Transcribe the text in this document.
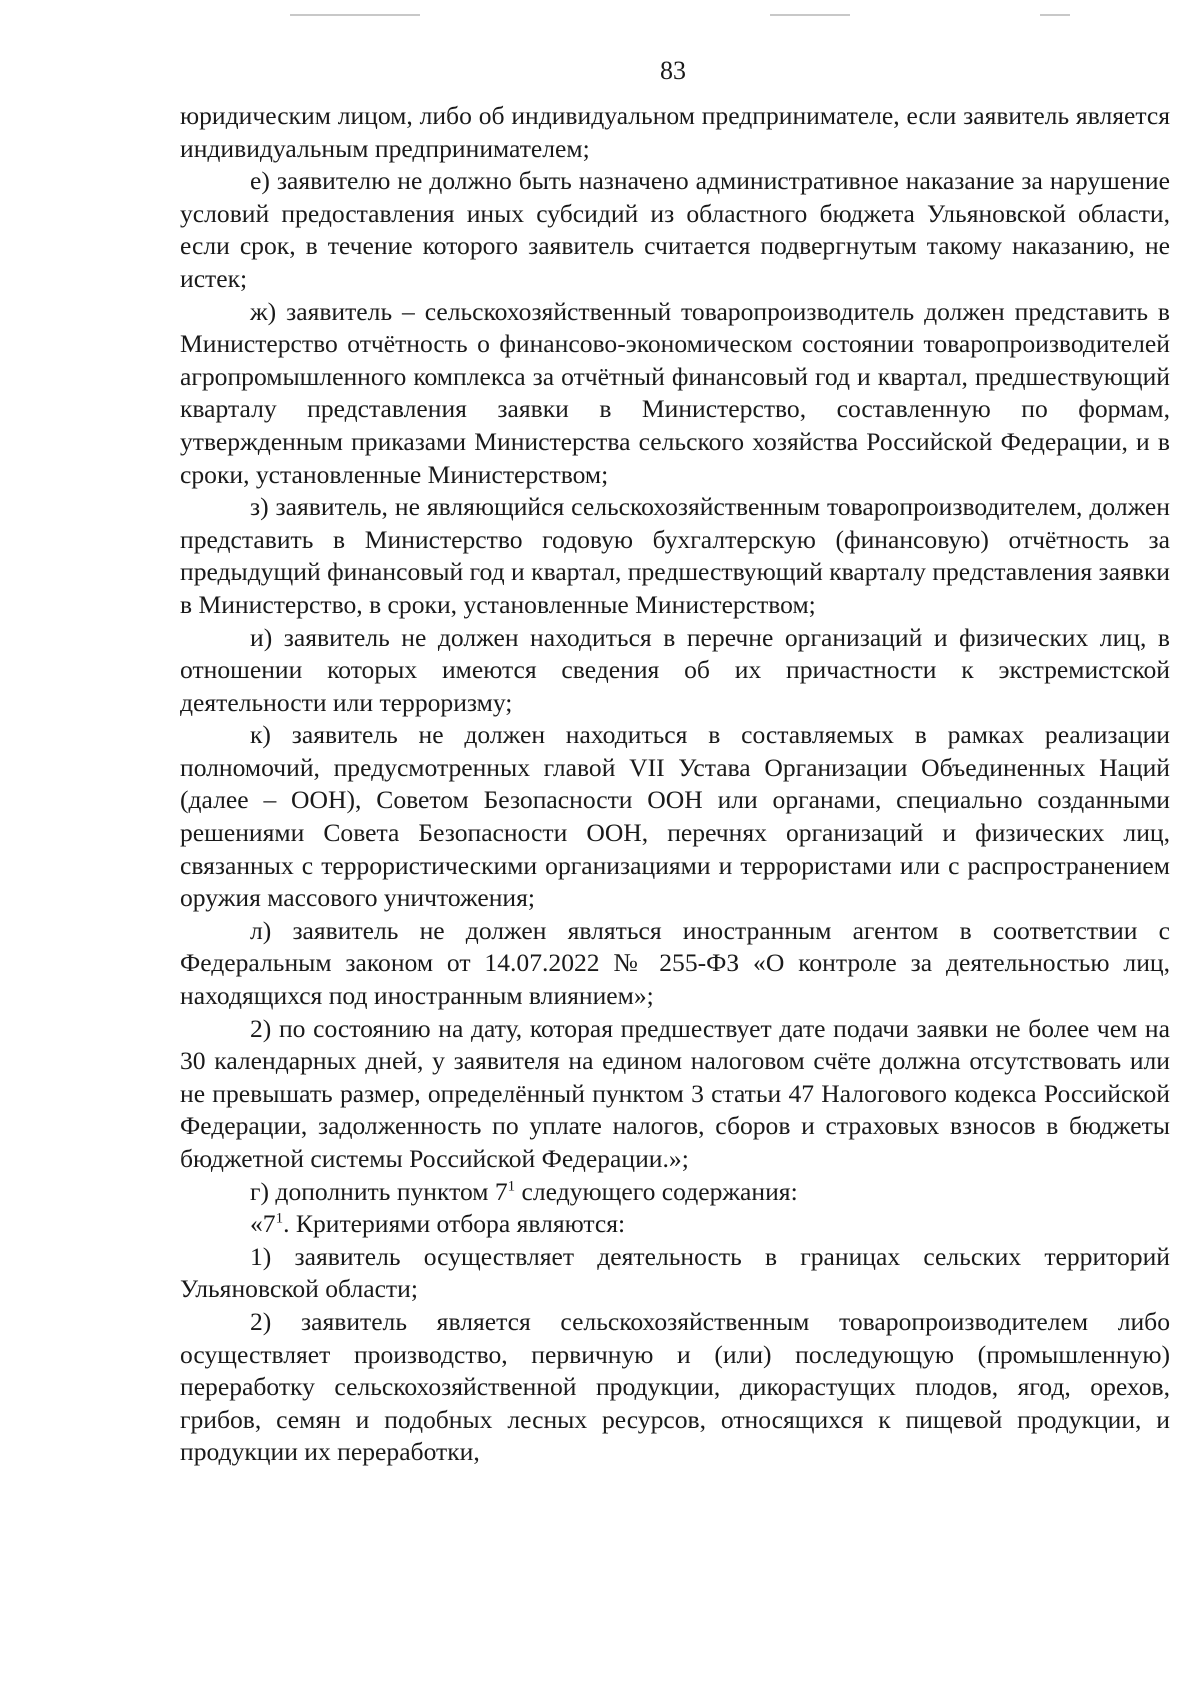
83

юридическим лицом, либо об индивидуальном предпринимателе, если заявитель является индивидуальным предпринимателем;

е) заявителю не должно быть назначено административное наказание за нарушение условий предоставления иных субсидий из областного бюджета Ульяновской области, если срок, в течение которого заявитель считается подвергнутым такому наказанию, не истек;

ж) заявитель – сельскохозяйственный товаропроизводитель должен представить в Министерство отчётность о финансово-экономическом состоянии товаропроизводителей агропромышленного комплекса за отчётный финансовый год и квартал, предшествующий кварталу представления заявки в Министерство, составленную по формам, утвержденным приказами Министерства сельского хозяйства Российской Федерации, и в сроки, установленные Министерством;

з) заявитель, не являющийся сельскохозяйственным товаропроизводителем, должен представить в Министерство годовую бухгалтерскую (финансовую) отчётность за предыдущий финансовый год и квартал, предшествующий кварталу представления заявки в Министерство, в сроки, установленные Министерством;

и) заявитель не должен находиться в перечне организаций и физических лиц, в отношении которых имеются сведения об их причастности к экстремистской деятельности или терроризму;

к) заявитель не должен находиться в составляемых в рамках реализации полномочий, предусмотренных главой VII Устава Организации Объединенных Наций (далее – ООН), Советом Безопасности ООН или органами, специально созданными решениями Совета Безопасности ООН, перечнях организаций и физических лиц, связанных с террористическими организациями и террористами или с распространением оружия массового уничтожения;

л) заявитель не должен являться иностранным агентом в соответствии с Федеральным законом от 14.07.2022 № 255-ФЗ «О контроле за деятельностью лиц, находящихся под иностранным влиянием»;

2) по состоянию на дату, которая предшествует дате подачи заявки не более чем на 30 календарных дней, у заявителя на едином налоговом счёте должна отсутствовать или не превышать размер, определённый пунктом 3 статьи 47 Налогового кодекса Российской Федерации, задолженность по уплате налогов, сборов и страховых взносов в бюджеты бюджетной системы Российской Федерации.»;

г) дополнить пунктом $7^1$ следующего содержания:

«$7^1$. Критериями отбора являются:

1) заявитель осуществляет деятельность в границах сельских территорий Ульяновской области;

2) заявитель является сельскохозяйственным товаропроизводителем либо осуществляет производство, первичную и (или) последующую (промышленную) переработку сельскохозяйственной продукции, дикорастущих плодов, ягод, орехов, грибов, семян и подобных лесных ресурсов, относящихся к пищевой продукции, и продукции их переработки,
